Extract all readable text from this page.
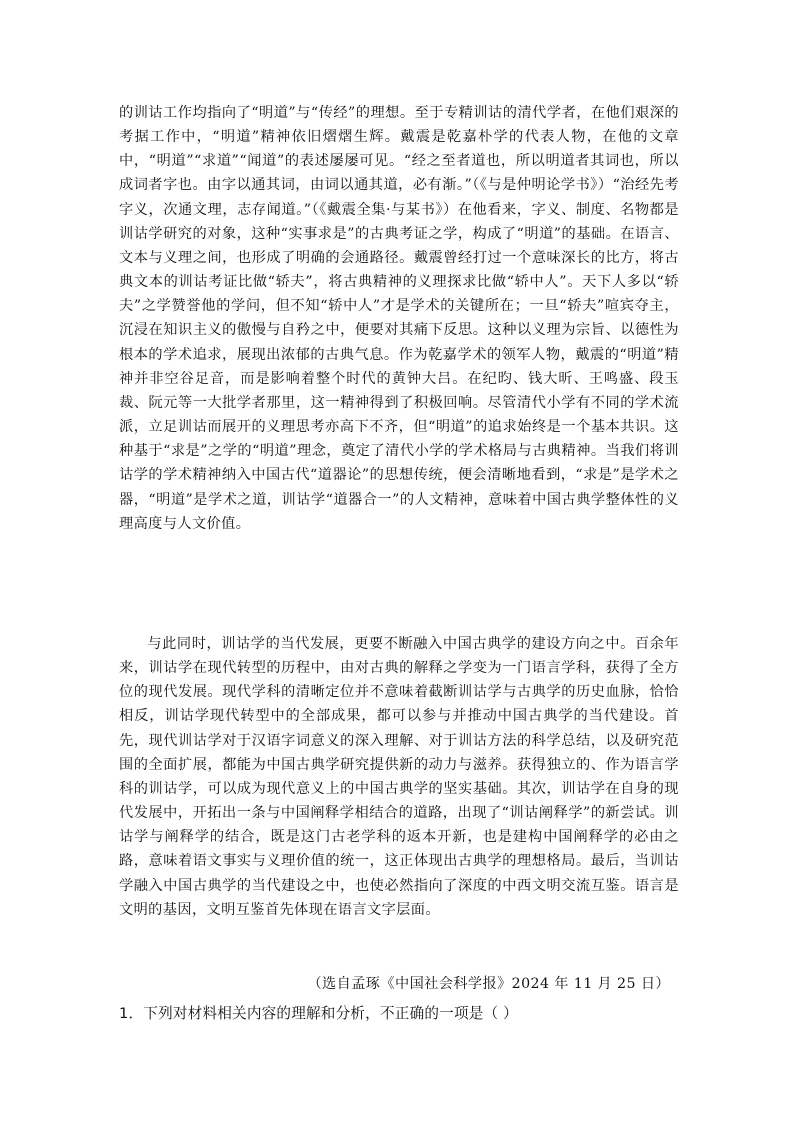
的训诂工作均指向了“明道”与“传经”的理想。至于专精训诂的清代学者，在他们艰深的考据工作中，“明道”精神依旧熠熠生辉。戴震是乾嘉朴学的代表人物，在他的文章中，“明道”“求道”“闻道”的表述屡屡可见。“经之至者道也，所以明道者其词也，所以成词者字也。由字以通其词，由词以通其道，必有渐。”（《与是仲明论学书》）“治经先考字义，次通文理，志存闻道。”（《戴震全集·与某书》）在他看来，字义、制度、名物都是训诂学研究的对象，这种“实事求是”的古典考证之学，构成了“明道”的基础。在语言、文本与义理之间，也形成了明确的会通路径。戴震曾经打过一个意味深长的比方，将古典文本的训诂考证比做“轿夫”，将古典精神的义理探求比做“轿中人”。天下人多以“轿夫”之学赞誉他的学问，但不知“轿中人”才是学术的关键所在；一旦“轿夫”喧宾夺主，沉浸在知识主义的傲慢与自矜之中，便要对其痛下反思。这种以义理为宗旨、以德性为根本的学术追求，展现出浓郁的古典气息。作为乾嘉学术的领军人物，戴震的“明道”精神并非空谷足音，而是影响着整个时代的黄钟大吕。在纪昀、钱大昕、王鸣盛、段玉裁、阮元等一大批学者那里，这一精神得到了积极回响。尽管清代小学有不同的学术流派，立足训诂而展开的义理思考亦高下不齐，但“明道”的追求始终是一个基本共识。这种基于“求是”之学的“明道”理念，奠定了清代小学的学术格局与古典精神。当我们将训诂学的学术精神纳入中国古代“道器论”的思想传统，便会清晰地看到，“求是”是学术之器，“明道”是学术之道，训诂学“道器合一”的人文精神，意味着中国古典学整体性的义理高度与人文价值。

与此同时，训诂学的当代发展，更要不断融入中国古典学的建设方向之中。百余年来，训诂学在现代转型的历程中，由对古典的解释之学变为一门语言学科，获得了全方位的现代发展。现代学科的清晰定位并不意味着截断训诂学与古典学的历史血脉，恰恰相反，训诂学现代转型中的全部成果，都可以参与并推动中国古典学的当代建设。首先，现代训诂学对于汉语字词意义的深入理解、对于训诂方法的科学总结，以及研究范围的全面扩展，都能为中国古典学研究提供新的动力与滋养。获得独立的、作为语言学科的训诂学，可以成为现代意义上的中国古典学的坚实基础。其次，训诂学在自身的现代发展中，开拓出一条与中国阐释学相结合的道路，出现了“训诂阐释学”的新尝试。训诂学与阐释学的结合，既是这门古老学科的返本开新，也是建构中国阐释学的必由之路，意味着语文事实与义理价值的统一，这正体现出古典学的理想格局。最后，当训诂学融入中国古典学的当代建设之中，也使必然指向了深度的中西文明交流互鉴。语言是文明的基因，文明互鉴首先体现在语言文字层面。

（选自孟琢《中国社会科学报》2024 年 11 月 25 日）

1．下列对材料相关内容的理解和分析，不正确的一项是（ ）
